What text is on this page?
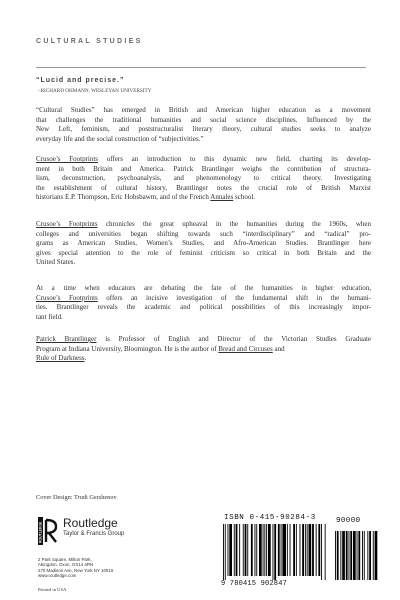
CULTURAL STUDIES
“Lucid and precise.”
–RICHARD OHMANN, WESLEYAN UNIVERSITY
“Cultural Studies” has emerged in British and American higher education as a movement
that challenges the traditional humanities and social science disciplines. Influenced by the
New Left, feminism, and poststructuralist literary theory, cultural studies seeks to analyze
everyday life and the social construction of “subjectivities.”
Crusoe’s Footprints offers an introduction to this dynamic new field, charting its develop-
ment in both Britain and America. Patrick Brantlinger weighs the contribution of structura-
lism, deconstruction, psychoanalysis, and phenomenology to critical theory. Investigating
the establishment of cultural history, Brantlinger notes the crucial role of British Marxist
historians E.P. Thompson, Eric Hobsbawm, and of the French Annales school.
Crusoe’s Footprints chronicles the great upheaval in the humanities during the 1960s, when
colleges and universities began shifting towards such “interdisciplinary” and “radical” pro-
grams as American Studies, Women’s Studies, and Afro-American Studies. Brantlinger here
gives special attention to the role of feminist criticism so critical in both Britain and the
United States.
At a time when educators are debating the fate of the humanities in higher education,
Crusoe’s Footprints offers an incisive investigation of the fundamental shift in the humani-
ties. Brantlinger reveals the academic and political possibilities of this increasingly impor-
tant field.
Patrick Brantlinger is Professor of English and Director of the Victorian Studies Graduate
Program at Indiana University, Bloomington. He is the author of Bread and Circuses and
Rule of Darkness.
Cover Design: Trudi Gershenov
ROUTLEDGE Routledge
Taylor & Francis Group
2 Park Square, Milton Park,
Abingdon, Oxon, OX14 4RN
270 Madison Ave, New York NY 10016
www.routledge.com
Printed in USA
ISBN 0-415-90284-3
9 780415 902847
90000
